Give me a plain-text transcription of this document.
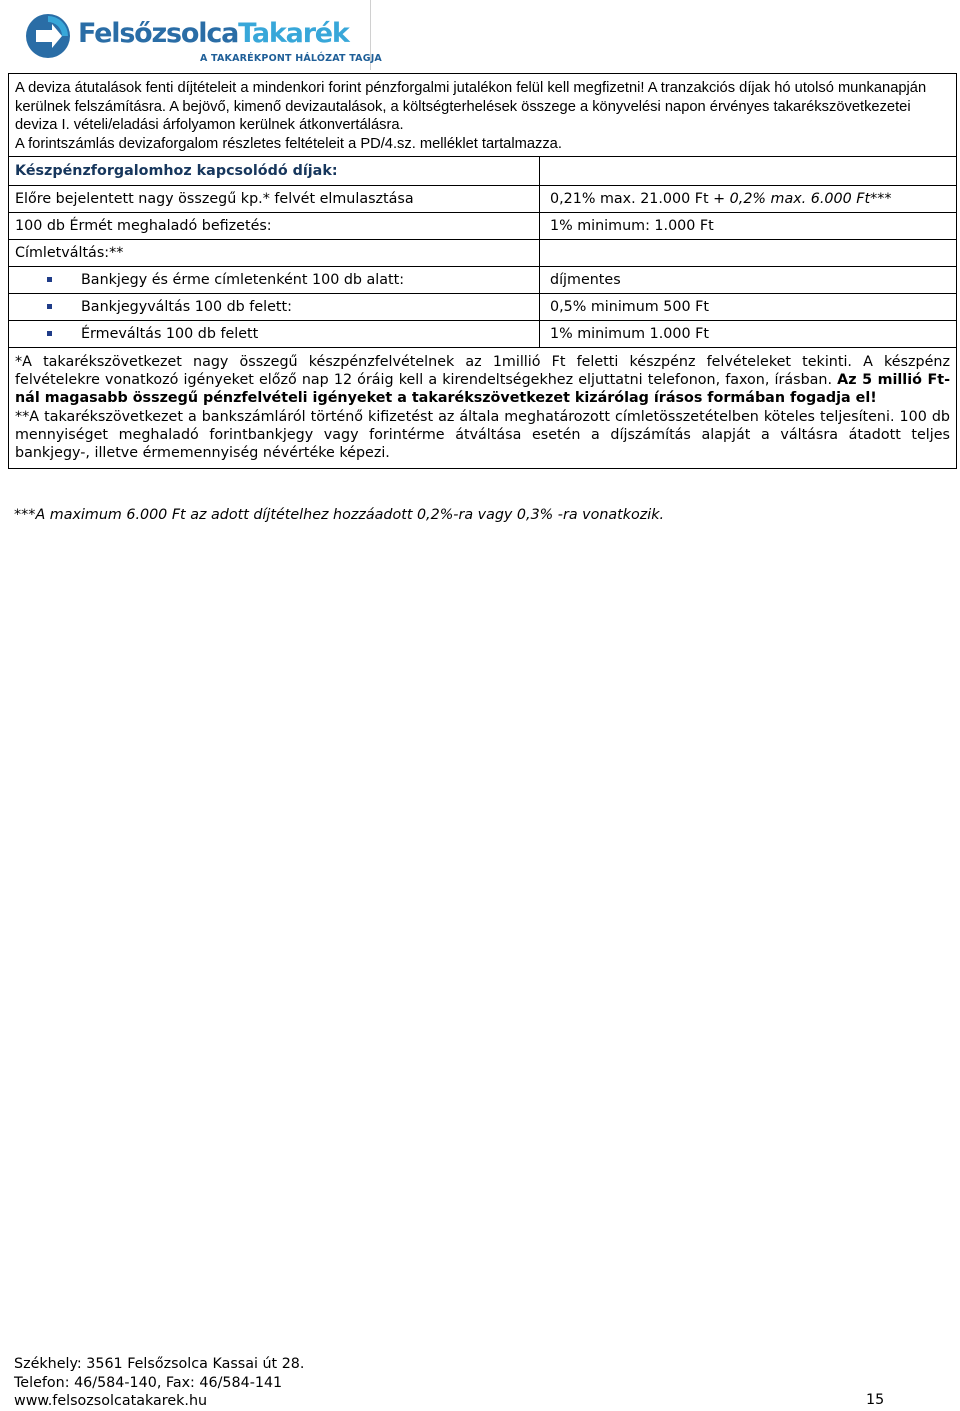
FelsőzsolcaTakarék
A TAKARÉKPONT HÁLÓZAT TAGJA

A deviza átutalások fenti díjtételeit a mindenkori forint pénzforgalmi jutalékon felül kell megfizetni! A tranzakciós díjak hó utolsó munkanapján kerülnek felszámításra. A bejövő, kimenő devizautalások, a költségterhelések összege a könyvelési napon érvényes takarékszövetkezetei deviza I. vételi/eladási árfolyamon kerülnek átkonvertálásra.

A forintszámlás devizaforgalom részletes feltételeit a PD/4.sz. melléklet tartalmazza.	

Készpénzforgalomhoz kapcsolódó díjak:	
Előre bejelentett nagy összegű kp.* felvét elmulasztása	0,21% max. 21.000 Ft + 0,2% max. 6.000 Ft***
100 db Érmét meghaladó befizetés:	1% minimum: 1.000 Ft
Címletváltás:**	

Bankjegy és érme címletenként 100 db alatt:	díjmentes

Bankjegyváltás 100 db felett:	0,5% minimum 500 Ft

Érmeváltás 100 db felett	1% minimum 1.000 Ft

*A takarékszövetkezet nagy összegű készpénzfelvételnek az 1millió Ft feletti készpénz felvételeket tekinti. A készpénz felvételekre vonatkozó igényeket előző nap 12 óráig kell a kirendeltségekhez eljuttatni telefonon, faxon, írásban. Az 5 millió Ft-nál magasabb összegű pénzfelvételi igényeket a takarékszövetkezet kizárólag írásos formában fogadja el!

**A takarékszövetkezet a bankszámláról történő kifizetést az általa meghatározott címletösszetételben köteles teljesíteni. 100 db mennyiséget meghaladó forintbankjegy vagy forintérme átváltása esetén a díjszámítás alapját a váltásra átadott teljes bankjegy-, illetve érmemennyiség névértéke képezi.	

***A maximum 6.000 Ft az adott díjtételhez hozzáadott 0,2%-ra vagy 0,3% -ra vonatkozik.
Székhely: 3561 Felsőzsolca Kassai út 28.
Telefon: 46/584-140, Fax: 46/584-141
www.felsozsolcatakarek.hu	15
